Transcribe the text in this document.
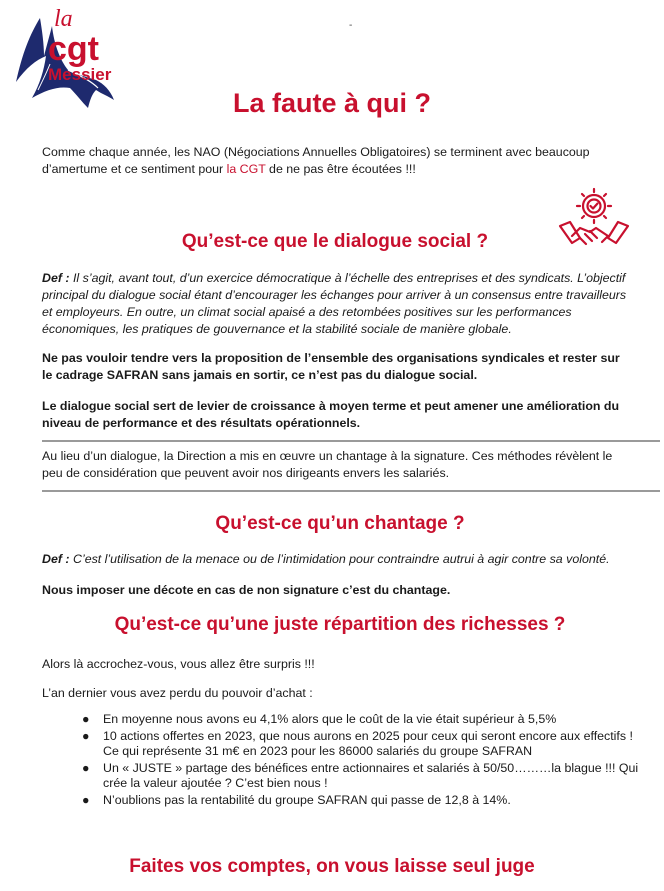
la
cgt
Messier
-
La faute à qui ?
Comme chaque année, les NAO (Négociations Annuelles Obligatoires) se terminent avec beaucoup d’amertume et ce sentiment pour la CGT de ne pas être écoutées !!!
Qu’est-ce que le dialogue social ?
Def : Il s’agit, avant tout, d’un exercice démocratique à l’échelle des entreprises et des syndicats. L’objectif principal du dialogue social étant d’encourager les échanges pour arriver à un consensus entre travailleurs et employeurs. En outre, un climat social apaisé a des retombées positives sur les performances économiques, les pratiques de gouvernance et la stabilité sociale de manière globale.
Ne pas vouloir tendre vers la proposition de l’ensemble des organisations syndicales et rester sur le cadrage SAFRAN sans jamais en sortir, ce n’est pas du dialogue social.
Le dialogue social sert de levier de croissance à moyen terme et peut amener une amélioration du niveau de performance et des résultats opérationnels.
Au lieu d’un dialogue, la Direction a mis en œuvre un chantage à la signature. Ces méthodes révèlent le peu de considération que peuvent avoir nos dirigeants envers les salariés.
Qu’est-ce qu’un chantage ?
Def : C’est l’utilisation de la menace ou de l’intimidation pour contraindre autrui à agir contre sa volonté.
Nous imposer une décote en cas de non signature c’est du chantage.
Qu’est-ce qu’une juste répartition des richesses ?
Alors là accrochez-vous, vous allez être surpris !!!
L’an dernier vous avez perdu du pouvoir d’achat :
● En moyenne nous avons eu 4,1% alors que le coût de la vie était supérieur à 5,5%
● 10 actions offertes en 2023, que nous aurons en 2025 pour ceux qui seront encore aux effectifs ! Ce qui représente 31 m€ en 2023 pour les 86000 salariés du groupe SAFRAN
● Un « JUSTE » partage des bénéfices entre actionnaires et salariés à 50/50………la blague !!! Qui crée la valeur ajoutée ? C’est bien nous !
● N’oublions pas la rentabilité du groupe SAFRAN qui passe de 12,8 à 14%.
Faites vos comptes, on vous laisse seul juge
